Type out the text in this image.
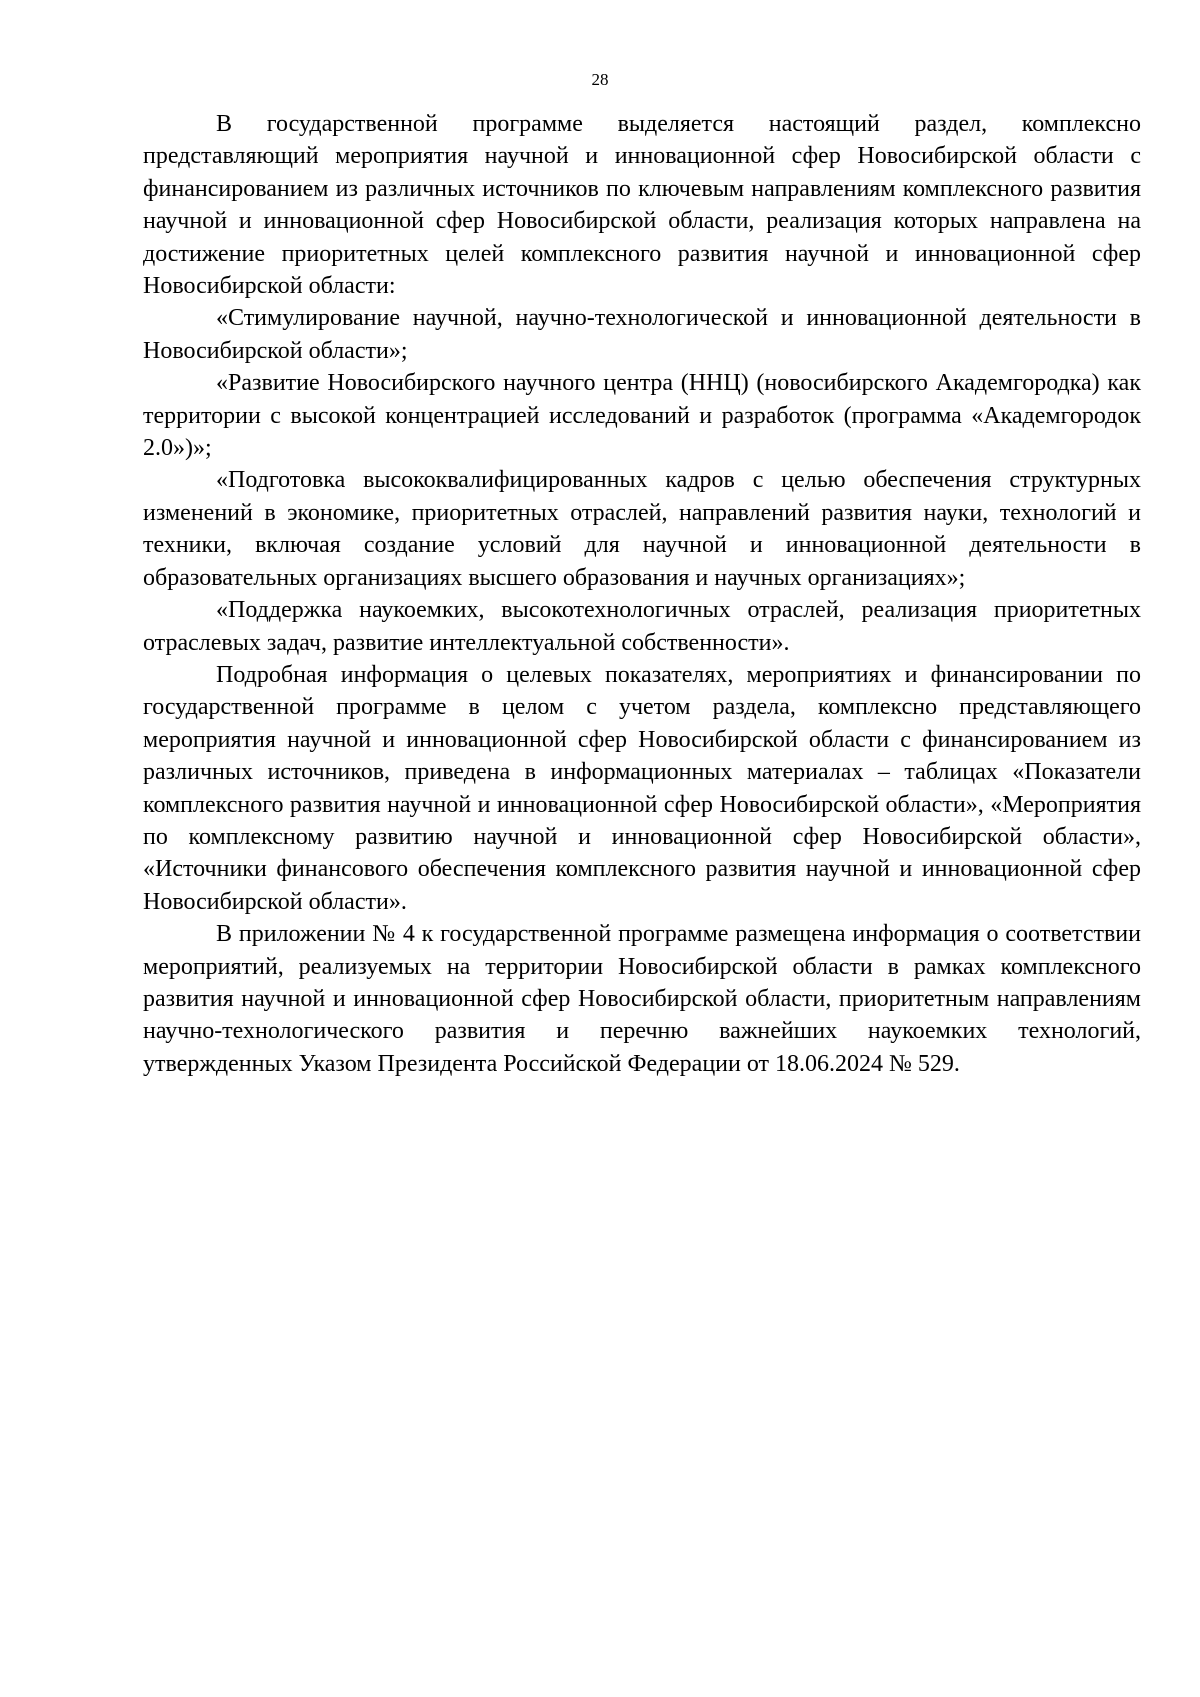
28

В государственной программе выделяется настоящий раздел, комплексно представляющий мероприятия научной и инновационной сфер Новосибирской области с финансированием из различных источников по ключевым направлениям комплексного развития научной и инновационной сфер Новосибирской области, реализация которых направлена на достижение приоритетных целей комплексного развития научной и инновационной сфер Новосибирской области:

«Стимулирование научной, научно-технологической и инновационной деятельности в Новосибирской области»;

«Развитие Новосибирского научного центра (ННЦ) (новосибирского Академгородка) как территории с высокой концентрацией исследований и разработок (программа «Академгородок 2.0»)»;

«Подготовка высококвалифицированных кадров с целью обеспечения структурных изменений в экономике, приоритетных отраслей, направлений развития науки, технологий и техники, включая создание условий для научной и инновационной деятельности в образовательных организациях высшего образования и научных организациях»;

«Поддержка наукоемких, высокотехнологичных отраслей, реализация приоритетных отраслевых задач, развитие интеллектуальной собственности».

Подробная информация о целевых показателях, мероприятиях и финансировании по государственной программе в целом с учетом раздела, комплексно представляющего мероприятия научной и инновационной сфер Новосибирской области с финансированием из различных источников, приведена в информационных материалах – таблицах «Показатели комплексного развития научной и инновационной сфер Новосибирской области», «Мероприятия по комплексному развитию научной и инновационной сфер Новосибирской области», «Источники финансового обеспечения комплексного развития научной и инновационной сфер Новосибирской области».

В приложении № 4 к государственной программе размещена информация о соответствии мероприятий, реализуемых на территории Новосибирской области в рамках комплексного развития научной и инновационной сфер Новосибирской области, приоритетным направлениям научно-технологического развития и перечню важнейших наукоемких технологий, утвержденных Указом Президента Российской Федерации от 18.06.2024 № 529.
